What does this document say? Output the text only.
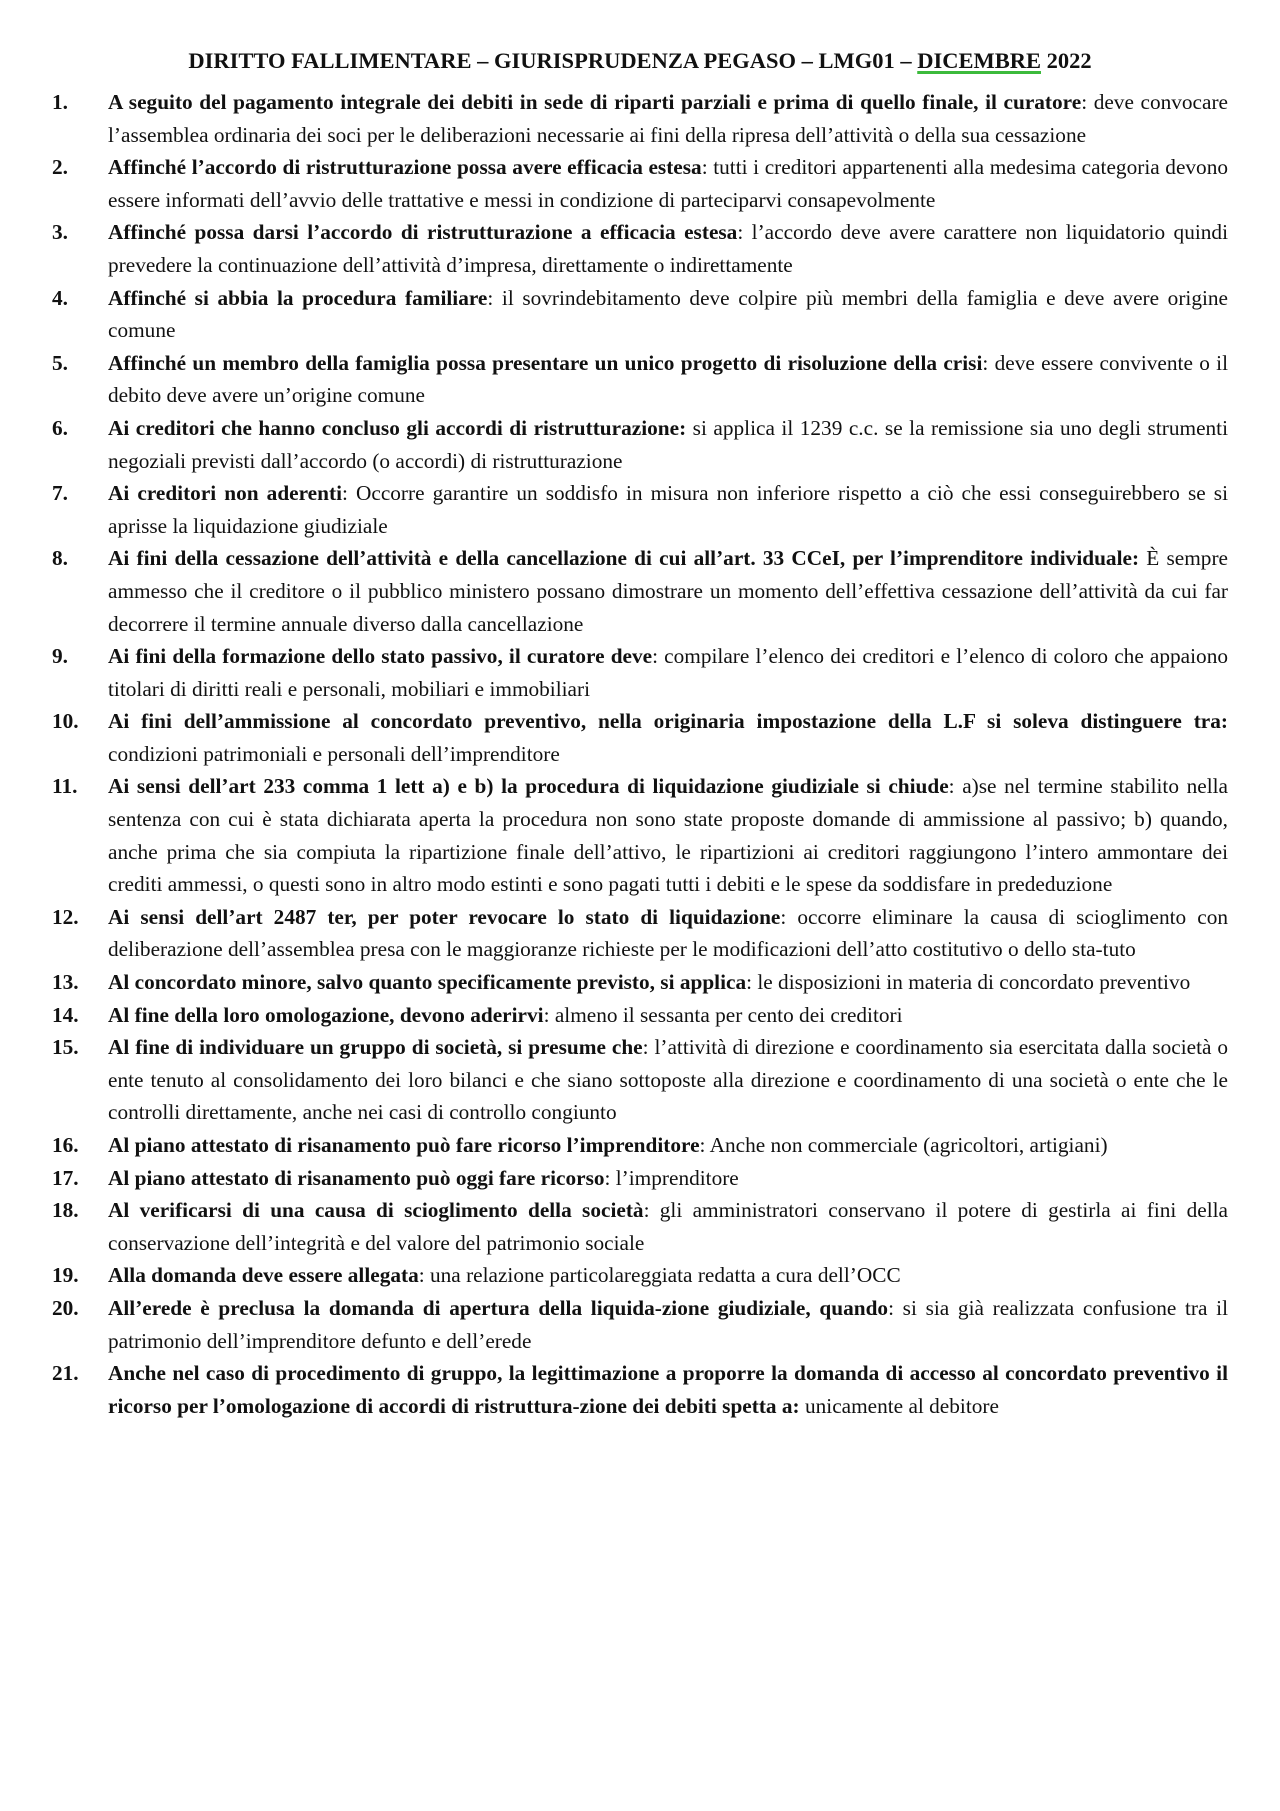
DIRITTO FALLIMENTARE – GIURISPRUDENZA PEGASO – LMG01 – DICEMBRE 2022
1.	A seguito del pagamento integrale dei debiti in sede di riparti parziali e prima di quello finale, il curatore: deve convocare l’assemblea ordinaria dei soci per le deliberazioni necessarie ai fini della ripresa dell’attività o della sua cessazione
2.	Affinché l’accordo di ristrutturazione possa avere efficacia estesa: tutti i creditori appartenenti alla medesima categoria devono essere informati dell’avvio delle trattative e messi in condizione di parteciparvi consapevolmente
3.	Affinché possa darsi l’accordo di ristrutturazione a efficacia estesa: l’accordo deve avere carattere non liquidatorio quindi prevedere la continuazione dell’attività d’impresa, direttamente o indirettamente
4.	Affinché si abbia la procedura familiare: il sovrindebitamento deve colpire più membri della famiglia e deve avere origine comune
5.	Affinché un membro della famiglia possa presentare un unico progetto di risoluzione della crisi: deve essere convivente o il debito deve avere un’origine comune
6.	Ai creditori che hanno concluso gli accordi di ristrutturazione: si applica il 1239 c.c. se la remissione sia uno degli strumenti negoziali previsti dall’accordo (o accordi) di ristrutturazione
7.	Ai creditori non aderenti: Occorre garantire un soddisfo in misura non inferiore rispetto a ciò che essi conseguirebbero se si aprisse la liquidazione giudiziale
8.	Ai fini della cessazione dell’attività e della cancellazione di cui all’art. 33 CCeI, per l’imprenditore individuale: È sempre ammesso che il creditore o il pubblico ministero possano dimostrare un momento dell’effettiva cessazione dell’attività da cui far decorrere il termine annuale diverso dalla cancellazione
9.	Ai fini della formazione dello stato passivo, il curatore deve: compilare l’elenco dei creditori e l’elenco di coloro che appaiono titolari di diritti reali e personali, mobiliari e immobiliari
10.	Ai fini dell’ammissione al concordato preventivo, nella originaria impostazione della L.F si soleva distinguere tra: condizioni patrimoniali e personali dell’imprenditore
11.	Ai sensi dell’art 233 comma 1 lett a) e b) la procedura di liquidazione giudiziale si chiude: a)se nel termine stabilito nella sentenza con cui è stata dichiarata aperta la procedura non sono state proposte domande di ammissione al passivo; b) quando, anche prima che sia compiuta la ripartizione finale dell’attivo, le ripartizioni ai creditori raggiungono l’intero ammontare dei crediti ammessi, o questi sono in altro modo estinti e sono pagati tutti i debiti e le spese da soddisfare in prededuzione
12.	Ai sensi dell’art 2487 ter, per poter revocare lo stato di liquidazione: occorre eliminare la causa di scioglimento con deliberazione dell’assemblea presa con le maggioranze richieste per le modificazioni dell’atto costitutivo o dello sta-tuto
13.	Al concordato minore, salvo quanto specificamente previsto, si applica: le disposizioni in materia di concordato preventivo
14.	Al fine della loro omologazione, devono aderirvi: almeno il sessanta per cento dei creditori
15.	Al fine di individuare un gruppo di società, si presume che: l’attività di direzione e coordinamento sia esercitata dalla società o ente tenuto al consolidamento dei loro bilanci e che siano sottoposte alla direzione e coordinamento di una società o ente che le controlli direttamente, anche nei casi di controllo congiunto
16.	Al piano attestato di risanamento può fare ricorso l’imprenditore: Anche non commerciale (agricoltori, artigiani)
17.	Al piano attestato di risanamento può oggi fare ricorso: l’imprenditore
18.	Al verificarsi di una causa di scioglimento della società: gli amministratori conservano il potere di gestirla ai fini della conservazione dell’integrità e del valore del patrimonio sociale
19.	Alla domanda deve essere allegata: una relazione particolareggiata redatta a cura dell’OCC
20.	All’erede è preclusa la domanda di apertura della liquida-zione giudiziale, quando: si sia già realizzata confusione tra il patrimonio dell’imprenditore defunto e dell’erede
21.	Anche nel caso di procedimento di gruppo, la legittimazione a proporre la domanda di accesso al concordato preventivo il ricorso per l’omologazione di accordi di ristruttura-zione dei debiti spetta a: unicamente al debitore
